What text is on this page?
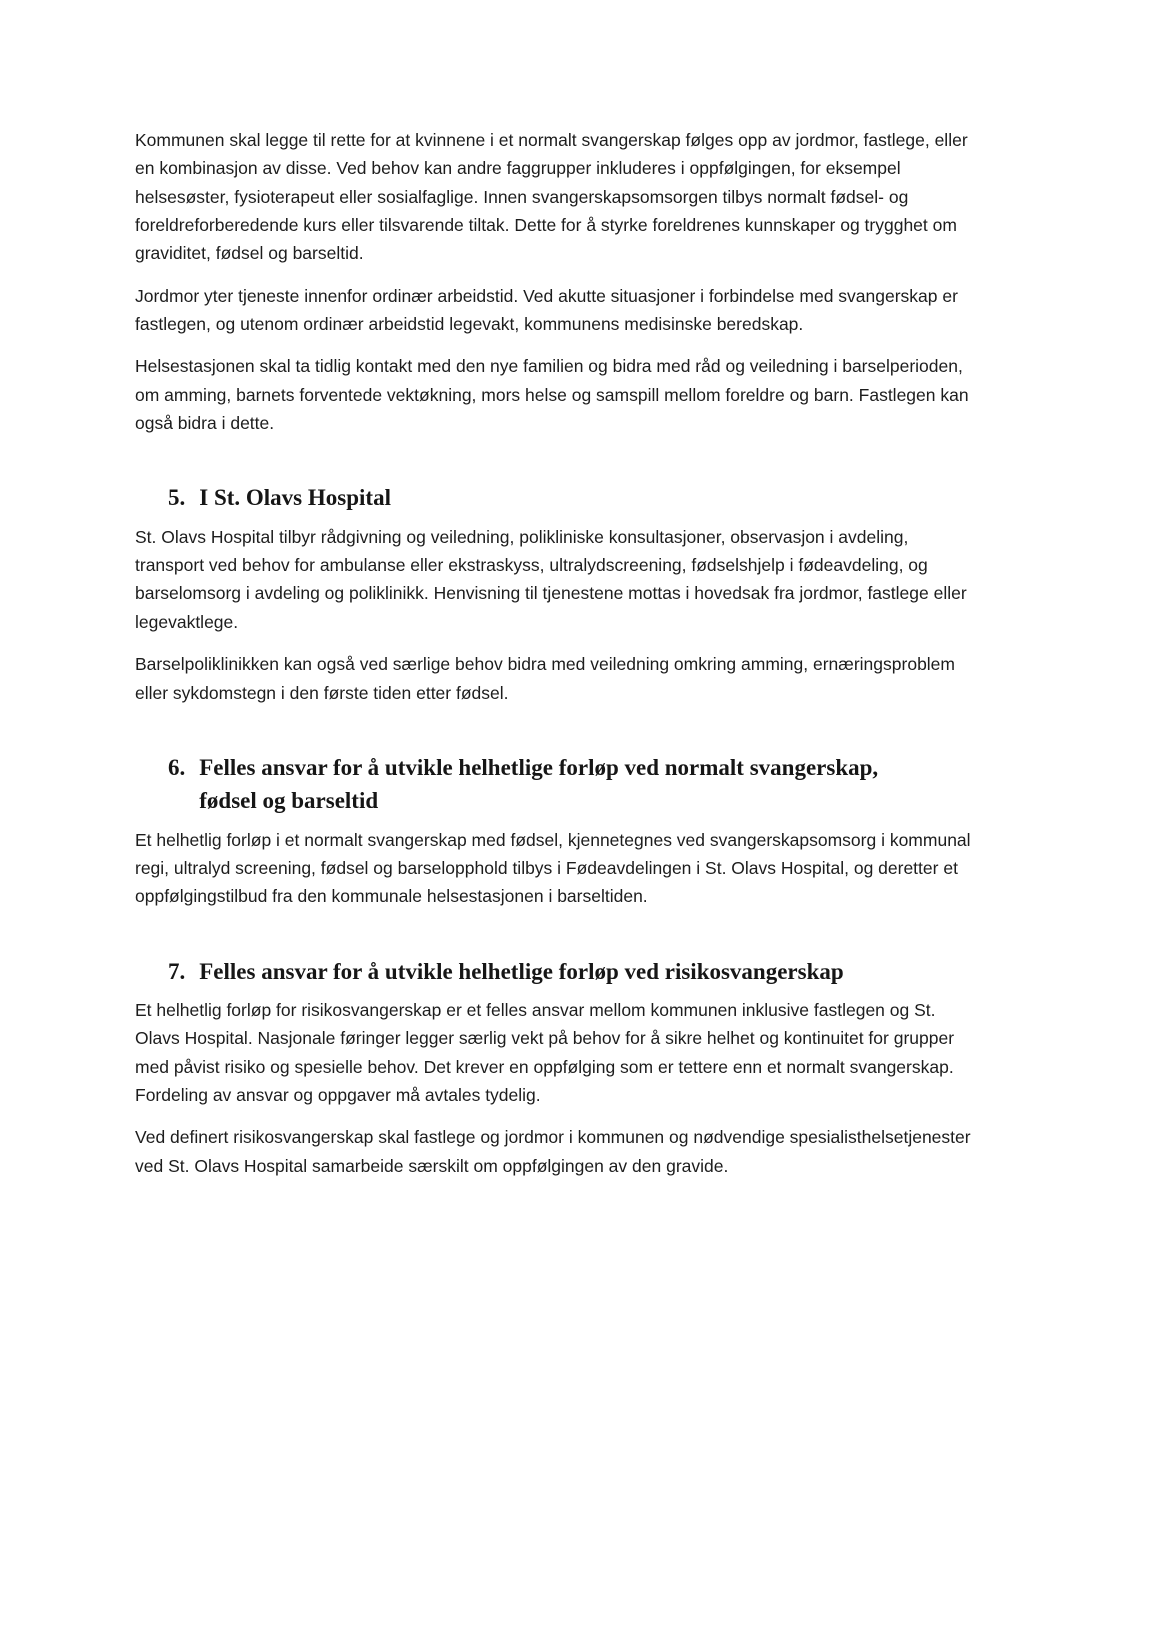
Kommunen skal legge til rette for at kvinnene i et normalt svangerskap følges opp av jordmor, fastlege, eller en kombinasjon av disse. Ved behov kan andre faggrupper inkluderes i oppfølgingen, for eksempel helsesøster, fysioterapeut eller sosialfaglige. Innen svangerskapsomsorgen tilbys normalt fødsel- og foreldreforberedende kurs eller tilsvarende tiltak. Dette for å styrke foreldrenes kunnskaper og trygghet om graviditet, fødsel og barseltid.

Jordmor yter tjeneste innenfor ordinær arbeidstid. Ved akutte situasjoner i forbindelse med svangerskap er fastlegen, og utenom ordinær arbeidstid legevakt, kommunens medisinske beredskap.

Helsestasjonen skal ta tidlig kontakt med den nye familien og bidra med råd og veiledning i barselperioden, om amming, barnets forventede vektøkning, mors helse og samspill mellom foreldre og barn. Fastlegen kan også bidra i dette.

5. I St. Olavs Hospital

St. Olavs Hospital tilbyr rådgivning og veiledning, polikliniske konsultasjoner, observasjon i avdeling, transport ved behov for ambulanse eller ekstraskyss, ultralydscreening, fødselshjelp i fødeavdeling, og barselomsorg i avdeling og poliklinikk. Henvisning til tjenestene mottas i hovedsak fra jordmor, fastlege eller legevaktlege.

Barselpoliklinikken kan også ved særlige behov bidra med veiledning omkring amming, ernæringsproblem eller sykdomstegn i den første tiden etter fødsel.

6. Felles ansvar for å utvikle helhetlige forløp ved normalt svangerskap, fødsel og barseltid

Et helhetlig forløp i et normalt svangerskap med fødsel, kjennetegnes ved svangerskapsomsorg i kommunal regi, ultralyd screening, fødsel og barselopphold tilbys i Fødeavdelingen i St. Olavs Hospital, og deretter et oppfølgingstilbud fra den kommunale helsestasjonen i barseltiden.

7. Felles ansvar for å utvikle helhetlige forløp ved risikosvangerskap

Et helhetlig forløp for risikosvangerskap er et felles ansvar mellom kommunen inklusive fastlegen og St. Olavs Hospital. Nasjonale føringer legger særlig vekt på behov for å sikre helhet og kontinuitet for grupper med påvist risiko og spesielle behov. Det krever en oppfølging som er tettere enn et normalt svangerskap. Fordeling av ansvar og oppgaver må avtales tydelig.

Ved definert risikosvangerskap skal fastlege og jordmor i kommunen og nødvendige spesialisthelsetjenester ved St. Olavs Hospital samarbeide særskilt om oppfølgingen av den gravide.
